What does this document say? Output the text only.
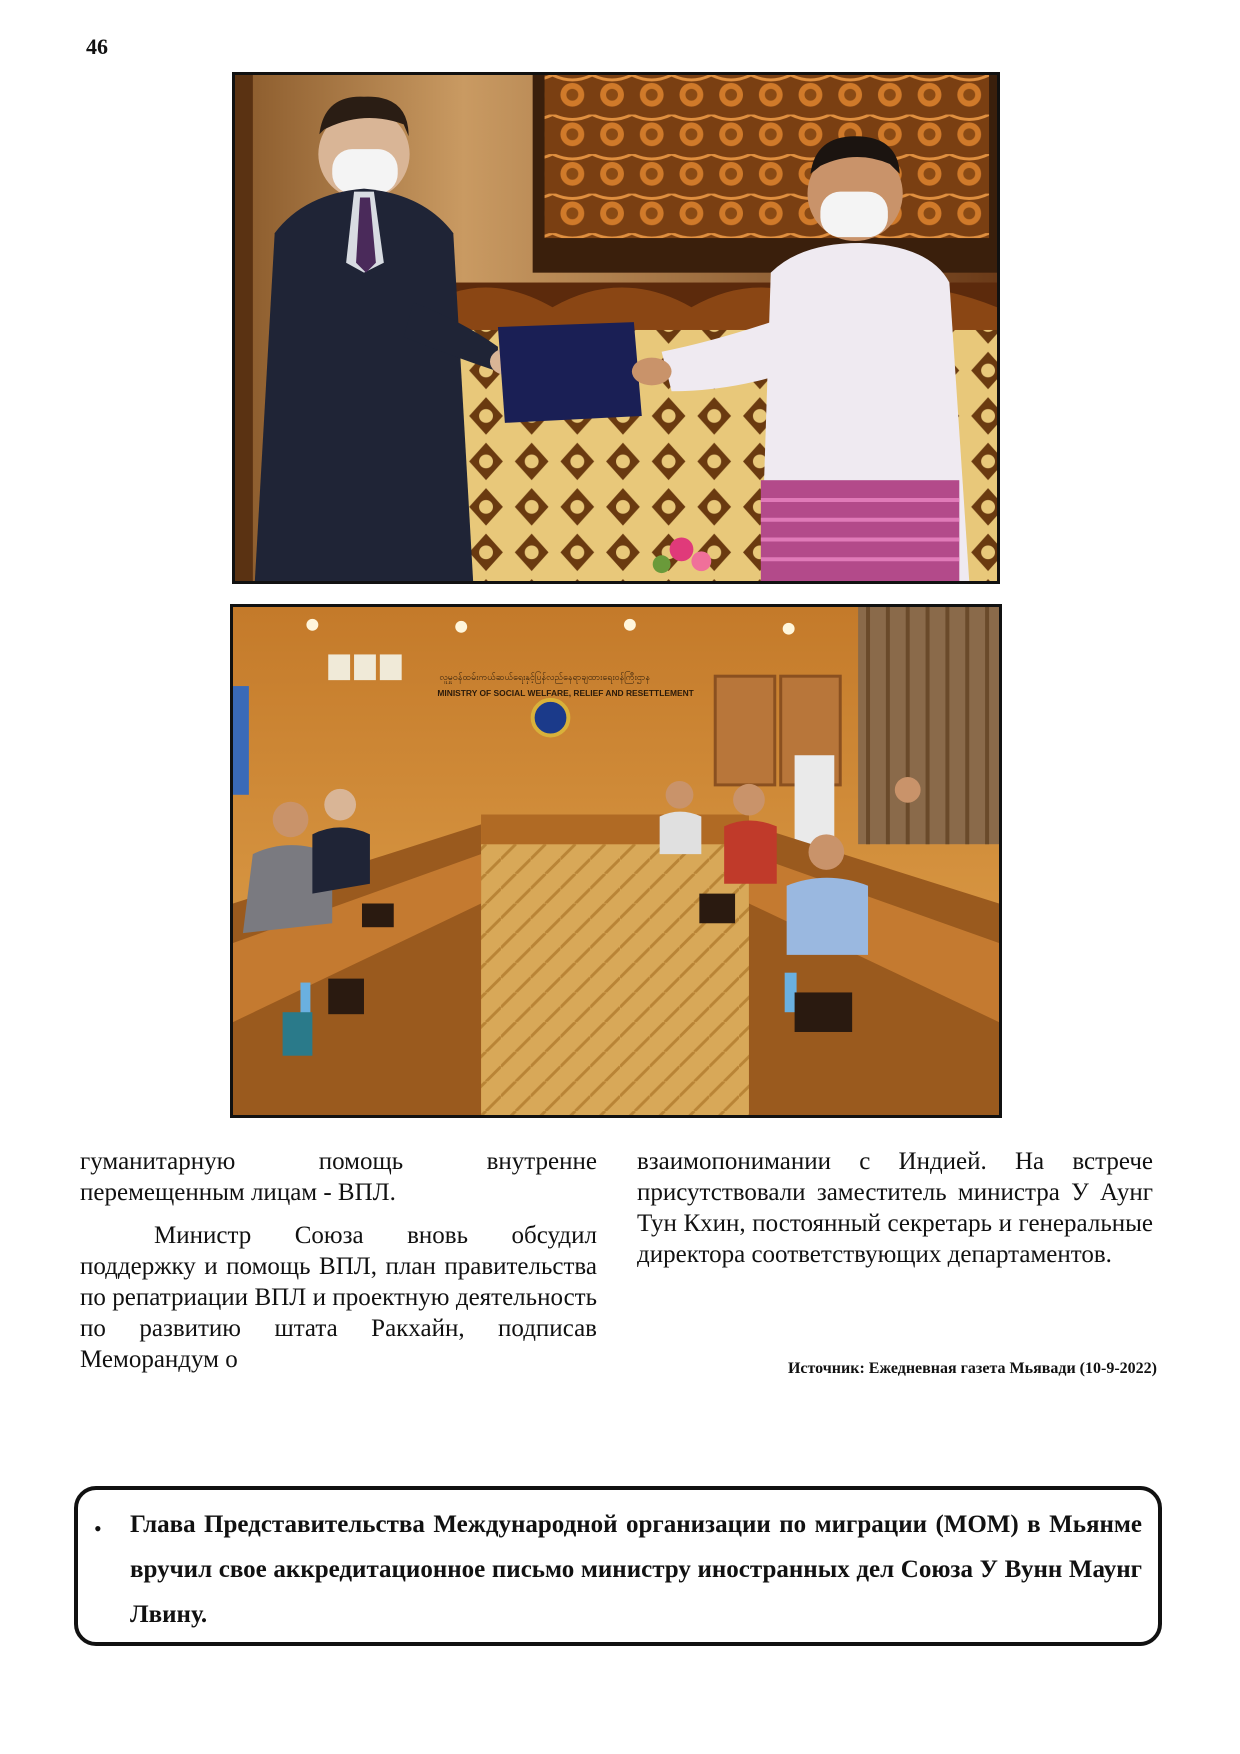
46
လူမှုဝန်ထမ်းကယ်ဆယ်ရေးနှင့်ပြန်လည်နေရာချထားရေးဝန်ကြီးဌာန
MINISTRY OF SOCIAL WELFARE, RELIEF AND RESETTLEMENT

гуманитарную помощь внутренне перемещенным лицам - ВПЛ.

Министр Союза вновь обсудил поддержку и помощь ВПЛ, план правительства по репатриации ВПЛ и проектную деятельность по развитию штата Ракхайн, подписав Меморандум о

взаимопонимании с Индией. На встрече присутствовали заместитель министра У Аунг Тун Кхин, постоянный секретарь и генеральные директора соответствующих департаментов.

Источник: Ежедневная газета Мьявади (10-9-2022)
• Глава Представительства Международной организации по миграции (МОМ) в Мьянме вручил свое аккредитационное письмо министру иностранных дел Союза У Вунн Маунг Лвину.
